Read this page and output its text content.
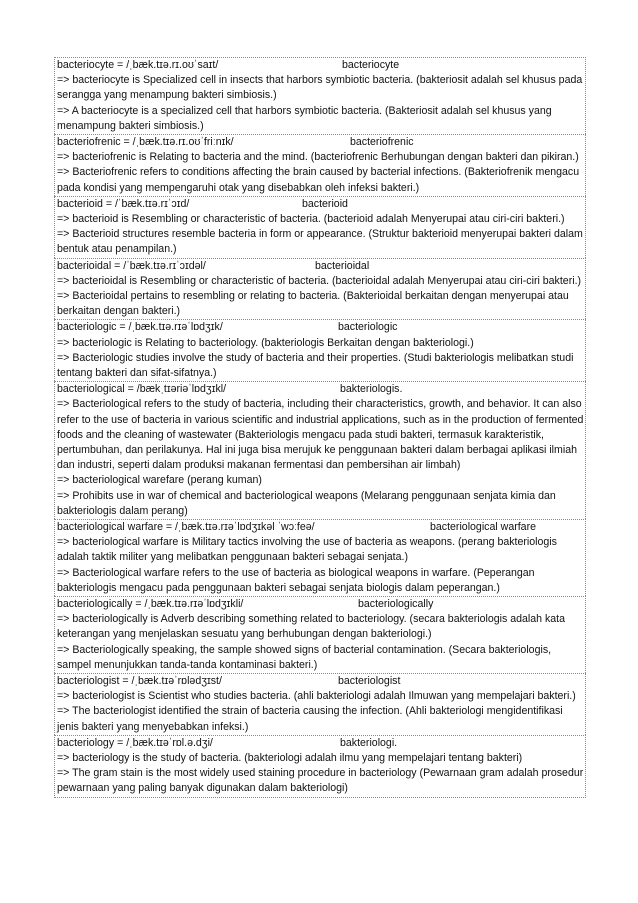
bacteriocyte = /ˌbæk.tɪə.rɪ.oʊˈsaɪt/	bacteriocyte
=> bacteriocyte is Specialized cell in insects that harbors symbiotic bacteria. (bakteriosit adalah sel khusus pada serangga yang menampung bakteri simbiosis.)
=> A bacteriocyte is a specialized cell that harbors symbiotic bacteria. (Bakteriosit adalah sel khusus yang menampung bakteri simbiosis.)
bacteriofrenic = /ˌbæk.tɪə.rɪ.oʊˈfriːnɪk/	bacteriofrenic
=> bacteriofrenic is Relating to bacteria and the mind. (bacteriofrenic Berhubungan dengan bakteri dan pikiran.)
=> Bacteriofrenic refers to conditions affecting the brain caused by bacterial infections. (Bakteriofrenik mengacu pada kondisi yang mempengaruhi otak yang disebabkan oleh infeksi bakteri.)
bacterioid = /ˈbæk.tɪə.rɪˈɔɪd/	bacterioid
=> bacterioid is Resembling or characteristic of bacteria. (bacterioid adalah Menyerupai atau ciri-ciri bakteri.)
=> Bacterioid structures resemble bacteria in form or appearance. (Struktur bakterioid menyerupai bakteri dalam bentuk atau penampilan.)
bacterioidal = /ˈbæk.tɪə.rɪˈɔɪdəl/	bacterioidal
=> bacterioidal is Resembling or characteristic of bacteria. (bacterioidal adalah Menyerupai atau ciri-ciri bakteri.)
=> Bacterioidal pertains to resembling or relating to bacteria. (Bakterioidal berkaitan dengan menyerupai atau berkaitan dengan bakteri.)
bacteriologic = /ˌbæk.tɪə.rɪəˈlɒdʒɪk/	bacteriologic
=> bacteriologic is Relating to bacteriology. (bakteriologis Berkaitan dengan bakteriologi.)
=> Bacteriologic studies involve the study of bacteria and their properties. (Studi bakteriologis melibatkan studi tentang bakteri dan sifat-sifatnya.)
bacteriological = /bækˌtɪəriəˈlɒdʒɪkl/	bakteriologis.
=> Bacteriological refers to the study of bacteria, including their characteristics, growth, and behavior. It can also refer to the use of bacteria in various scientific and industrial applications, such as in the production of fermented foods and the cleaning of wastewater (Bakteriologis mengacu pada studi bakteri, termasuk karakteristik, pertumbuhan, dan perilakunya. Hal ini juga bisa merujuk ke penggunaan bakteri dalam berbagai aplikasi ilmiah dan industri, seperti dalam produksi makanan fermentasi dan pembersihan air limbah)
=> bacteriological warefare (perang kuman)
=> Prohibits use in war of chemical and bacteriological weapons (Melarang penggunaan senjata kimia dan bakteriologis dalam perang)
bacteriological warfare = /ˌbæk.tɪə.rɪəˈlɒdʒɪkəl ˈwɔːfeə/	bacteriological warfare
=> bacteriological warfare is Military tactics involving the use of bacteria as weapons. (perang bakteriologis adalah taktik militer yang melibatkan penggunaan bakteri sebagai senjata.)
=> Bacteriological warfare refers to the use of bacteria as biological weapons in warfare. (Peperangan bakteriologis mengacu pada penggunaan bakteri sebagai senjata biologis dalam peperangan.)
bacteriologically = /ˌbæk.tɪə.rɪəˈlɒdʒɪkli/	bacteriologically
=> bacteriologically is Adverb describing something related to bacteriology. (secara bakteriologis adalah kata keterangan yang menjelaskan sesuatu yang berhubungan dengan bakteriologi.)
=> Bacteriologically speaking, the sample showed signs of bacterial contamination. (Secara bakteriologis, sampel menunjukkan tanda-tanda kontaminasi bakteri.)
bacteriologist = /ˌbæk.tɪəˈrɒlədʒɪst/	bacteriologist
=> bacteriologist is Scientist who studies bacteria. (ahli bakteriologi adalah Ilmuwan yang mempelajari bakteri.)
=> The bacteriologist identified the strain of bacteria causing the infection. (Ahli bakteriologi mengidentifikasi jenis bakteri yang menyebabkan infeksi.)
bacteriology = /ˌbæk.tɪəˈrɒl.ə.dʒi/	bakteriologi.
=> bacteriology is the study of bacteria. (bakteriologi adalah ilmu yang mempelajari tentang bakteri)
=> The gram stain is the most widely used staining procedure in bacteriology (Pewarnaan gram adalah prosedur pewarnaan yang paling banyak digunakan dalam bakteriologi)
